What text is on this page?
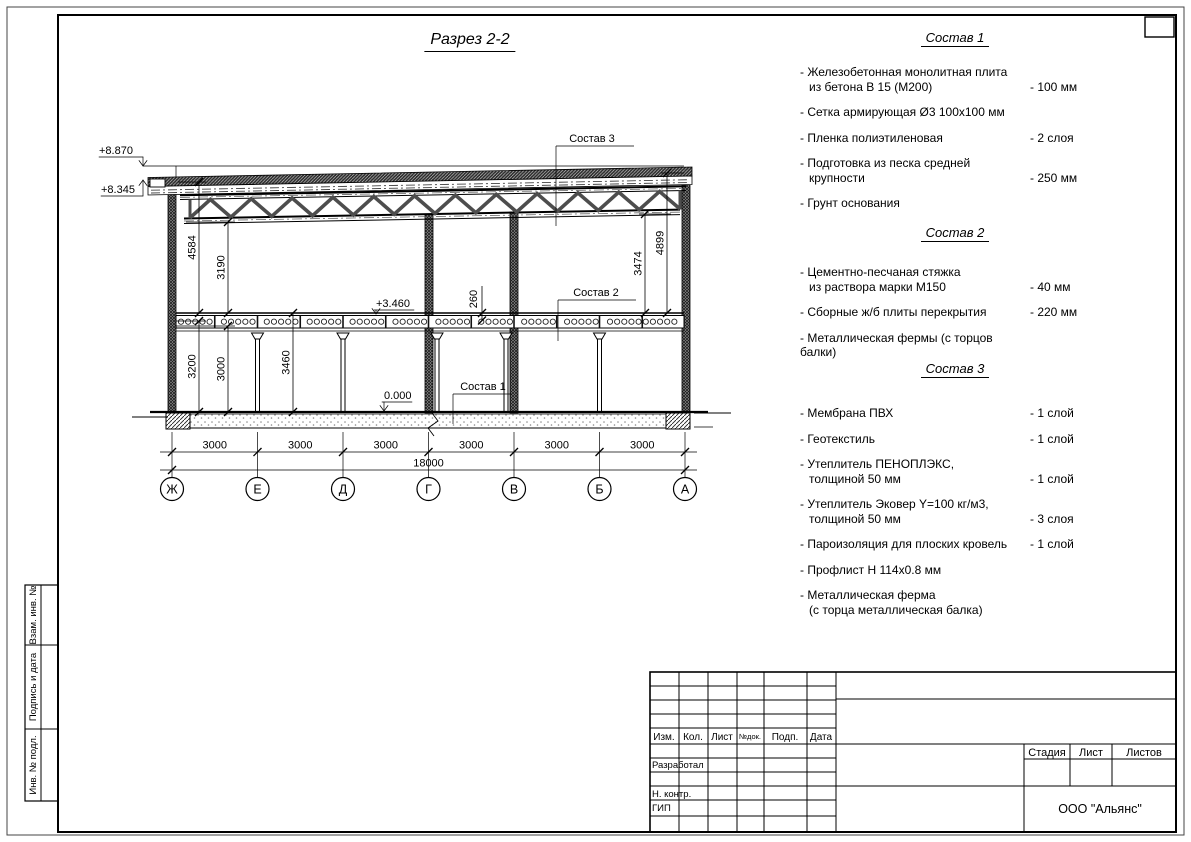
Взам. инв. №
Подпись и дата
Инв. № подл.	Изм. Кол. Лист №док. Подп. Дата
Разработал
Н. контр.
ГИП
Стадия Лист Листов
ООО "Альянс"
+8.870
+8.345
+3.460
0.000
Состав 3
Состав 2
Состав 1
4584
3190
3200 3000	3460
3474
4899
260
18000
Ж	Е	Д	Г	В	Б	А
3000	3000	3000	3000	3000	3000
Разрез 2-2	Состав 1
- Железобетонная монолитная плита
из бетона В 15 (М200)	- 100 мм
- Сетка армирующая Ø3 100х100 мм
- Пленка полиэтиленовая	- 2 слоя
- Подготовка из песка средней
крупности	- 250 мм
- Грунт основания
Состав 2
- Цементно-песчаная стяжка
из раствора марки М150	- 40 мм
- Сборные ж/б плиты перекрытия	- 220 мм
- Металлическая фермы (с торцов балки)
Состав 3
- Мембрана ПВХ	- 1 слой
- Геотекстиль	- 1 слой
- Утеплитель ПЕНОПЛЭКС,
толщиной 50 мм	- 1 слой
- Утеплитель Эковер Y=100 кг/м3,
толщиной 50 мм	- 3 слоя
- Пароизоляция для плоских кровель	- 1 слой
- Профлист Н 114х0.8 мм
- Металлическая ферма
(с торца металлическая балка)
